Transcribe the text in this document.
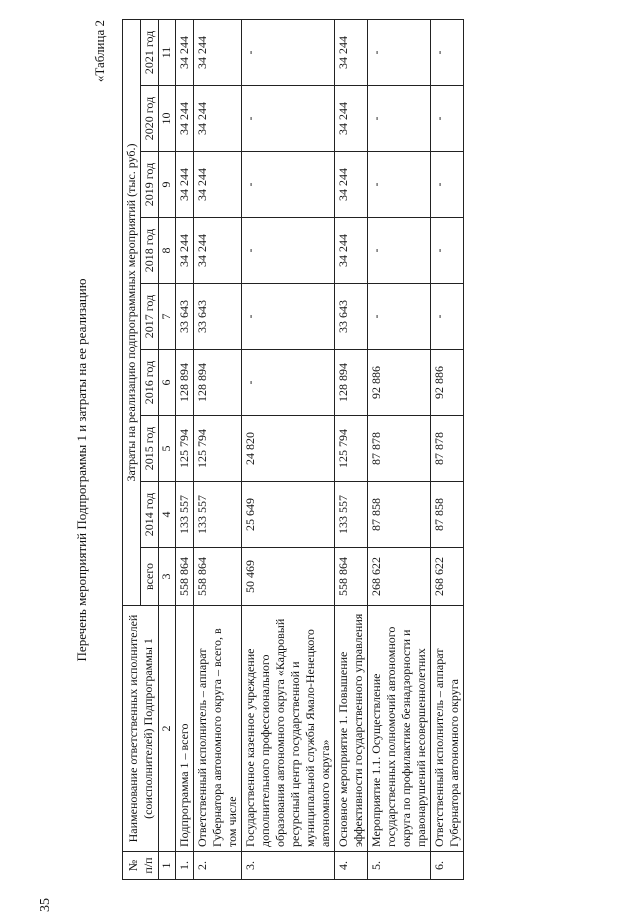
35
Перечень мероприятий Подпрограммы 1 и затраты на ее реализацию
«Таблица 2
№ п/п	Наименование ответственных исполнителей (соисполнителей) Подпрограммы 1	Затраты на реализацию подпрограммных мероприятий (тыс. руб.)								
		всего	2014 год	2015 год	2016 год	2017 год	2018 год	2019 год	2020 год	2021 год
1	2	3	4	5	6	7	8	9	10	11
1.	Подпрограмма 1 – всего	558 864	133 557	125 794	128 894	33 643	34 244	34 244	34 244	34 244
2.	Ответственный исполнитель – аппарат Губернатора автономного округа – всего, в том числе	558 864	133 557	125 794	128 894	33 643	34 244	34 244	34 244	34 244
3.	Государственное казенное учреждение дополнительного профессионального образования автономного округа «Кадровый ресурсный центр государственной и муниципальной службы Ямало-Ненецкого автономного округа»	50 469	25 649	24 820	-	-	-	-	-	-
4.	Основное мероприятие 1. Повышение эффективности государственного управления	558 864	133 557	125 794	128 894	33 643	34 244	34 244	34 244	34 244
5.	Мероприятие 1.1. Осуществление государственных полномочий автономного округа по профилактике безнадзорности и правонарушений несовершеннолетних	268 622	87 858	87 878	92 886	-	-	-	-	-
6.	Ответственный исполнитель – аппарат Губернатора автономного округа	268 622	87 858	87 878	92 886	-	-	-	-	-
